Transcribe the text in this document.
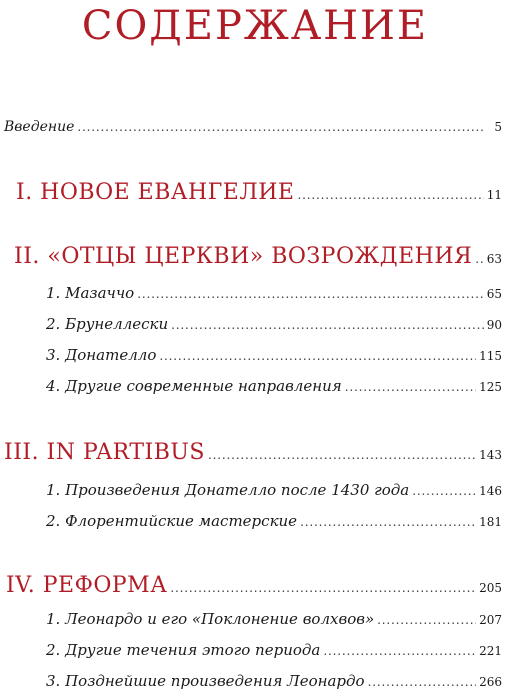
СОДЕРЖАНИЕ
Введение . . .	5
I. НОВОЕ ЕВАНГЕЛИЕ . . .	11
II. «ОТЦЫ ЦЕРКВИ» ВОЗРОЖДЕНИЯ . . . 63
1. Мазаччо . . .	65
2. Брунеллески . . .	90
3. Донателло . . .	115
4. Другие современные направления . . .	125
III. IN PARTIBUS . . .	143
1. Произведения Донателло после 1430 года . . .	146
2. Флорентийские мастерские . . .	181
IV. РЕФОРМА . . .	205
1. Леонардо и его «Поклонение волхвов» . . .	207
2. Другие течения этого периода . . .	221
3. Позднейшие произведения Леонардо . . .	266
